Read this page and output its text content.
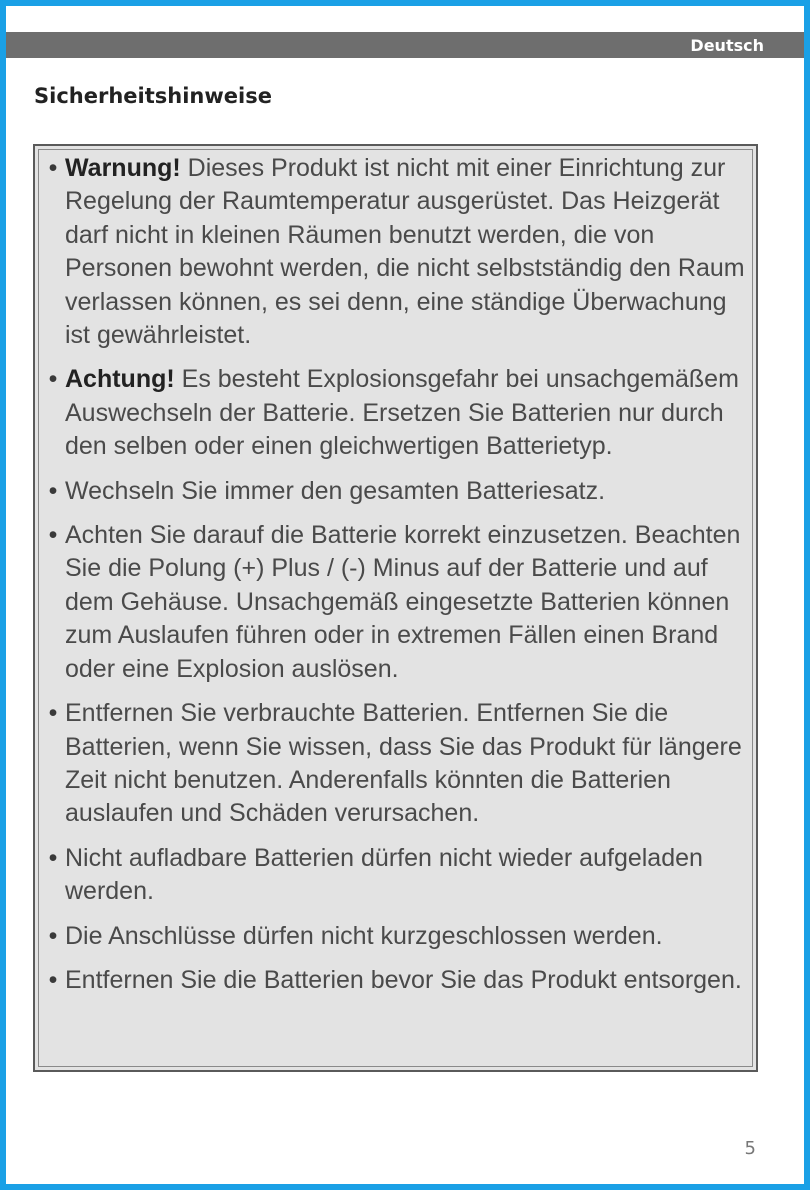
Deutsch
Sicherheitshinweise
• Warnung! Dieses Produkt ist nicht mit einer Einrichtung zur Regelung der Raumtemperatur ausgerüstet. Das Heizgerät darf nicht in kleinen Räumen benutzt werden, die von Personen bewohnt werden, die nicht selbstständig den Raum verlassen können, es sei denn, eine ständige Überwachung ist gewährleistet.
• Achtung! Es besteht Explosionsgefahr bei unsachgemäßem Auswechseln der Batterie. Ersetzen Sie Batterien nur durch den selben oder einen gleichwertigen Batterietyp.
• Wechseln Sie immer den gesamten Batteriesatz.
• Achten Sie darauf die Batterie korrekt einzusetzen. Beachten Sie die Polung (+) Plus / (-) Minus auf der Batterie und auf dem Gehäuse. Unsachgemäß eingesetzte Batterien können zum Auslaufen führen oder in extremen Fällen einen Brand oder eine Explosion auslösen.
• Entfernen Sie verbrauchte Batterien. Entfernen Sie die Batterien, wenn Sie wissen, dass Sie das Produkt für längere Zeit nicht benutzen. Anderenfalls könnten die Batterien auslaufen und Schäden verursachen.
• Nicht aufladbare Batterien dürfen nicht wieder aufgeladen werden.
• Die Anschlüsse dürfen nicht kurzgeschlossen werden.
• Entfernen Sie die Batterien bevor Sie das Produkt entsorgen.
5
